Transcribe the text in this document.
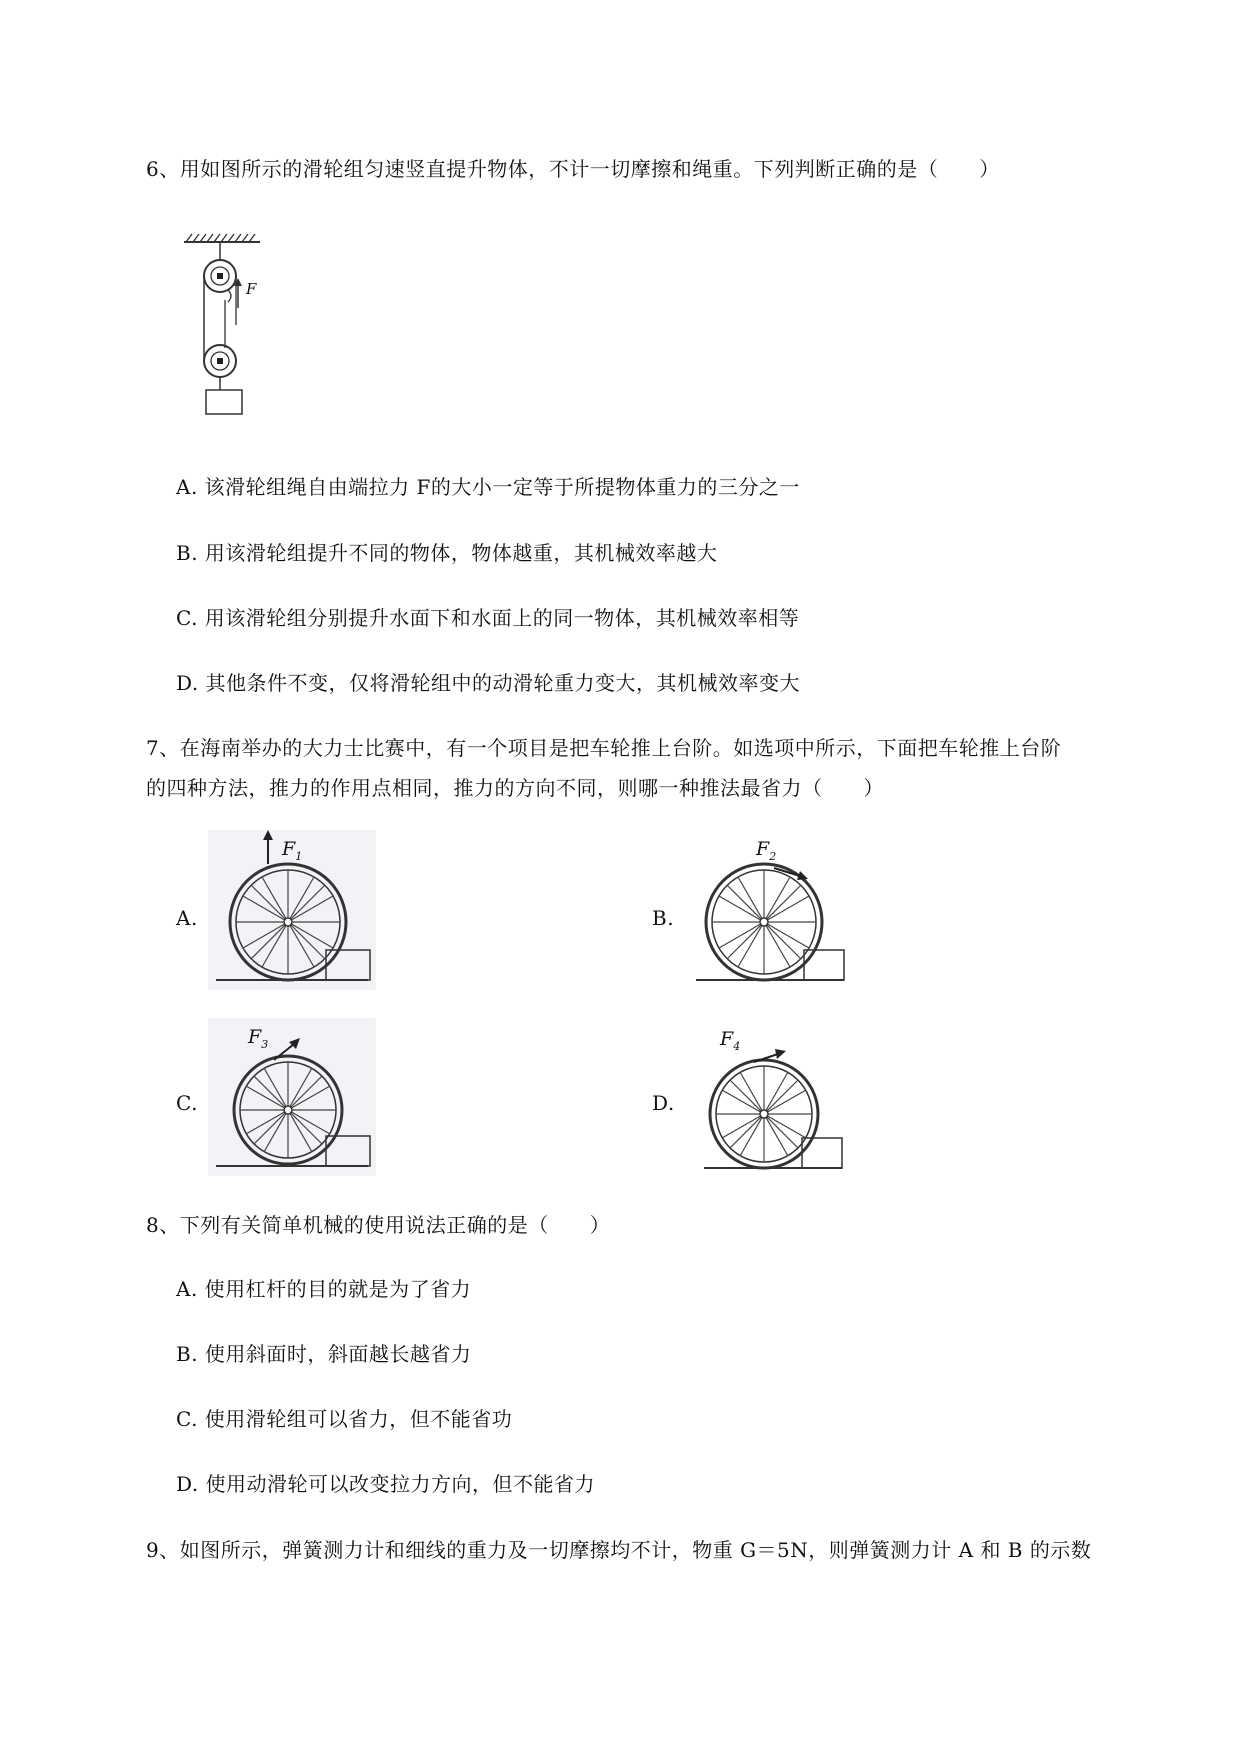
6、用如图所示的滑轮组匀速竖直提升物体，不计一切摩擦和绳重。下列判断正确的是（　　）
F
A. 该滑轮组绳自由端拉力 F的大小一定等于所提物体重力的三分之一
B. 用该滑轮组提升不同的物体，物体越重，其机械效率越大
C. 用该滑轮组分别提升水面下和水面上的同一物体，其机械效率相等
D. 其他条件不变，仅将滑轮组中的动滑轮重力变大，其机械效率变大
7、在海南举办的大力士比赛中，有一个项目是把车轮推上台阶。如选项中所示，下面把车轮推上台阶
的四种方法，推力的作用点相同，推力的方向不同，则哪一种推法最省力（　　）
A.
$F_1$
B.
$F_2$
C.
$F_3$
D.
$F_4$
8、下列有关简单机械的使用说法正确的是（　　）
A. 使用杠杆的目的就是为了省力
B. 使用斜面时，斜面越长越省力
C. 使用滑轮组可以省力，但不能省功
D. 使用动滑轮可以改变拉力方向，但不能省力
9、如图所示，弹簧测力计和细线的重力及一切摩擦均不计，物重 G＝5N，则弹簧测力计 A 和 B 的示数
